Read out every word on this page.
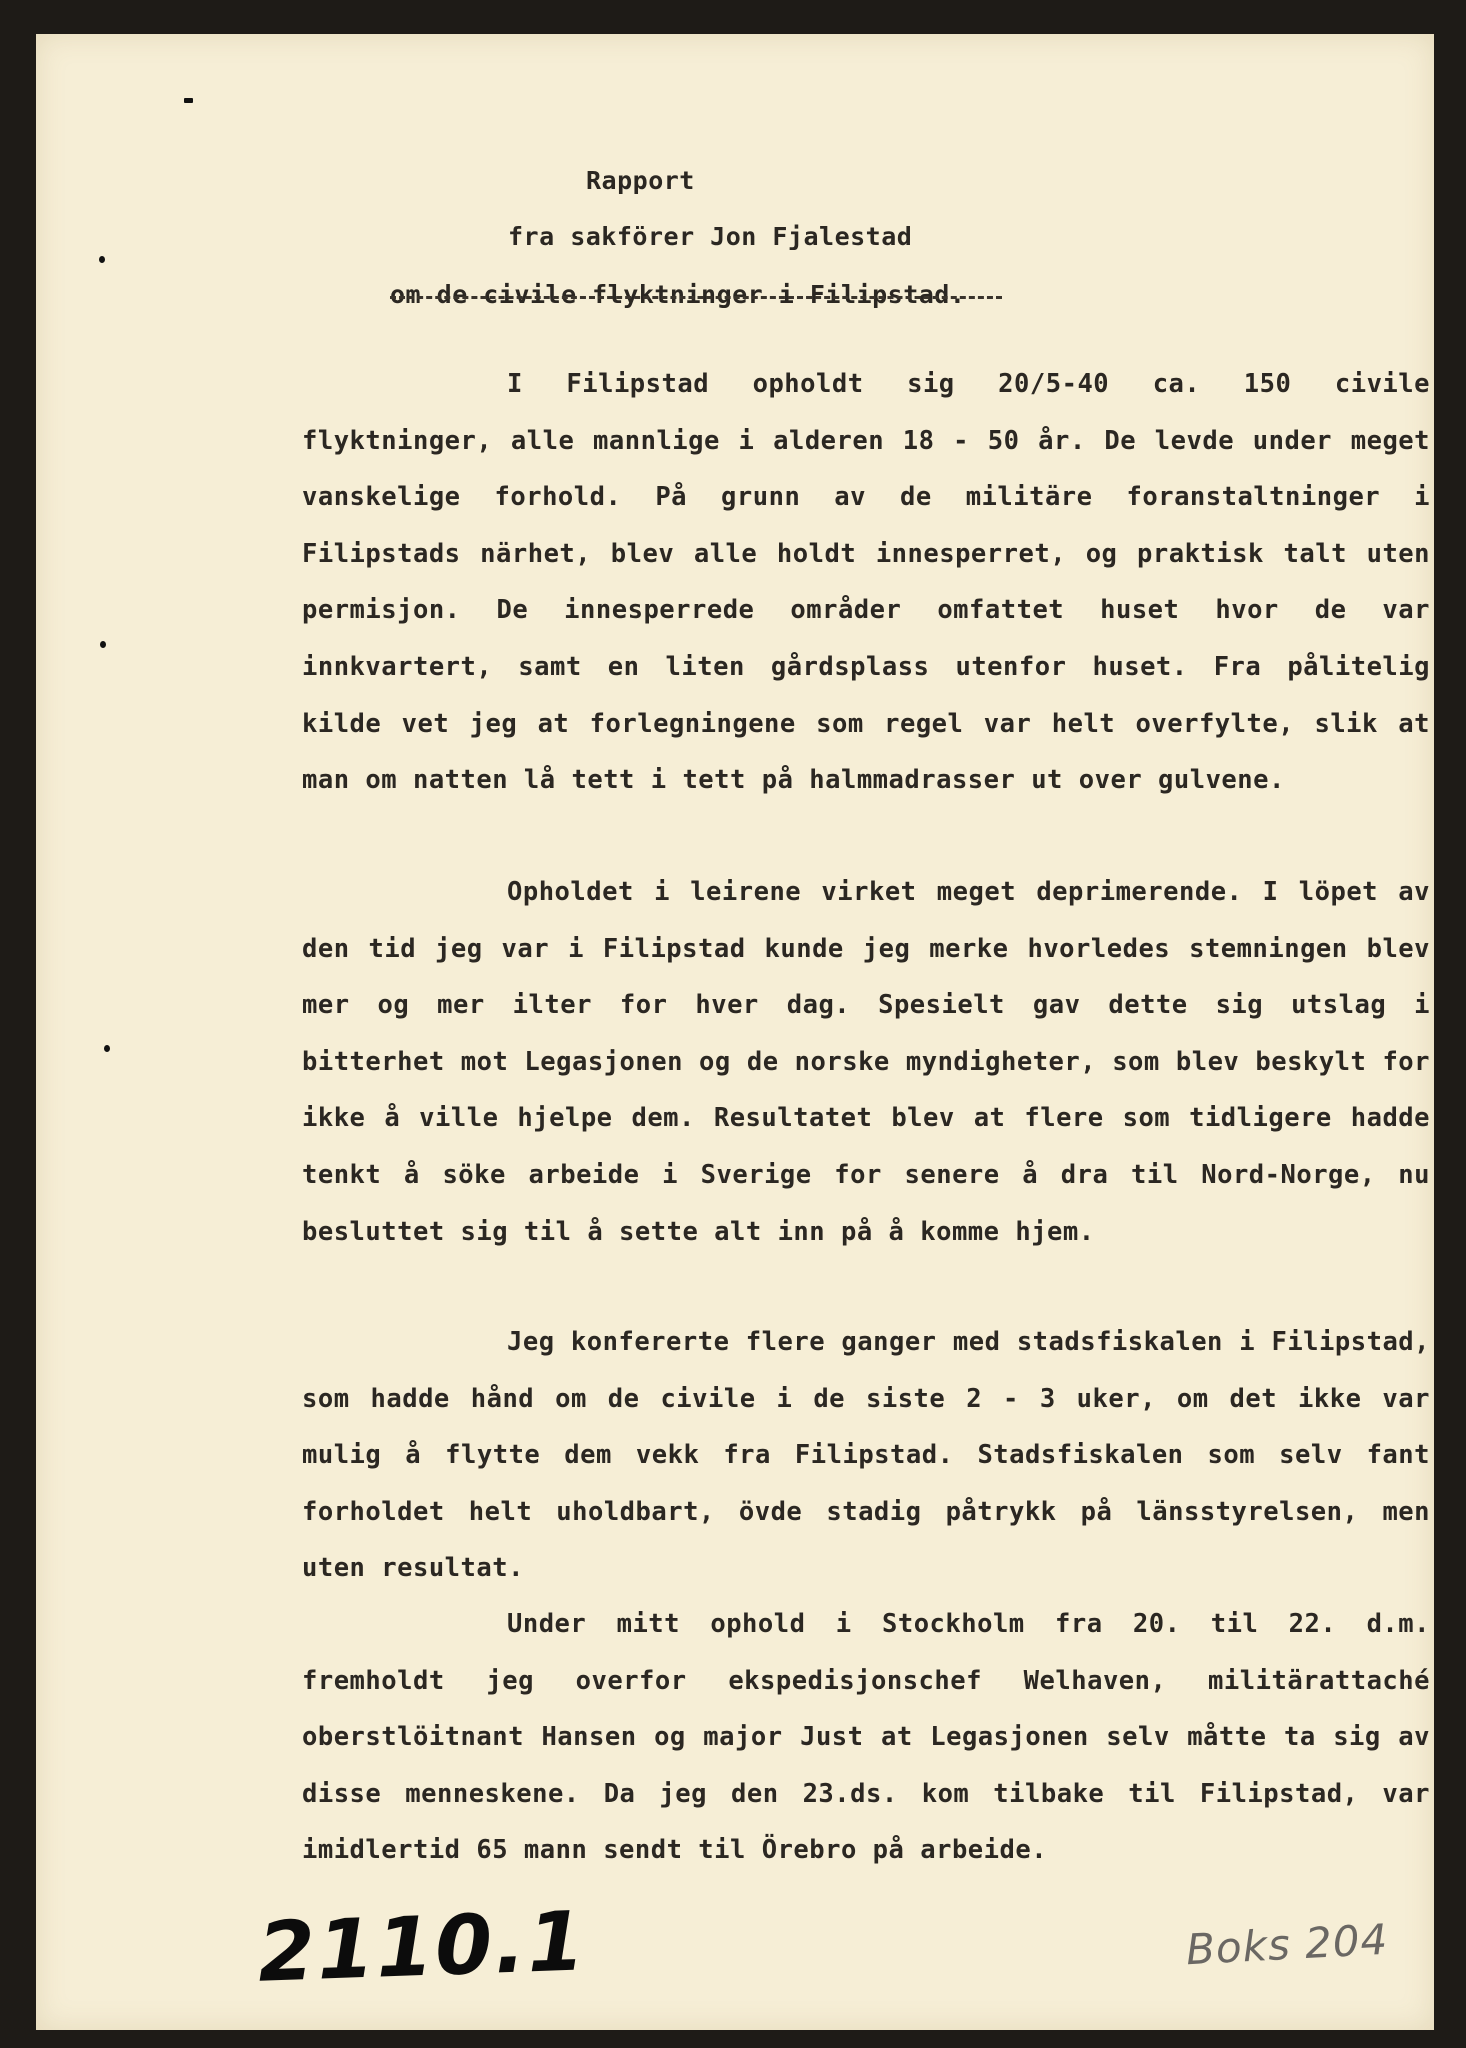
Rapport
fra sakförer Jon Fjalestad
om de civile flyktninger i Filipstad.

I Filipstad opholdt sig 20/5-40 ca. 150 civile flyktninger, alle mannlige i alderen 18 - 50 år. De levde under meget vanskelige forhold. På grunn av de militäre foranstaltninger i Filipstads närhet, blev alle holdt innesperret, og praktisk talt uten permisjon. De innesperrede områder omfattet huset hvor de var innkvartert, samt en liten gårdsplass utenfor huset. Fra pålitelig kilde vet jeg at forlegningene som regel var helt overfylte, slik at man om natten lå tett i tett på halmmadrasser ut over gulvene.

Opholdet i leirene virket meget deprimerende. I löpet av den tid jeg var i Filipstad kunde jeg merke hvorledes stemningen blev mer og mer ilter for hver dag. Spesielt gav dette sig utslag i bitterhet mot Legasjonen og de norske myndigheter, som blev beskylt for ikke å ville hjelpe dem. Resultatet blev at flere som tidligere hadde tenkt å söke arbeide i Sverige for senere å dra til Nord-Norge, nu besluttet sig til å sette alt inn på å komme hjem.

Jeg konfererte flere ganger med stadsfiskalen i Filipstad, som hadde hånd om de civile i de siste 2 - 3 uker, om det ikke var mulig å flytte dem vekk fra Filipstad. Stadsfiskalen som selv fant forholdet helt uholdbart, övde stadig påtrykk på länsstyrelsen, men uten resultat.

Under mitt ophold i Stockholm fra 20. til 22. d.m. fremholdt jeg overfor ekspedisjonschef Welhaven, militärattaché oberstlöitnant Hansen og major Just at Legasjonen selv måtte ta sig av disse menneskene. Da jeg den 23.ds. kom tilbake til Filipstad, var imidlertid 65 mann sendt til Örebro på arbeide.

2110.1	Boks 204
